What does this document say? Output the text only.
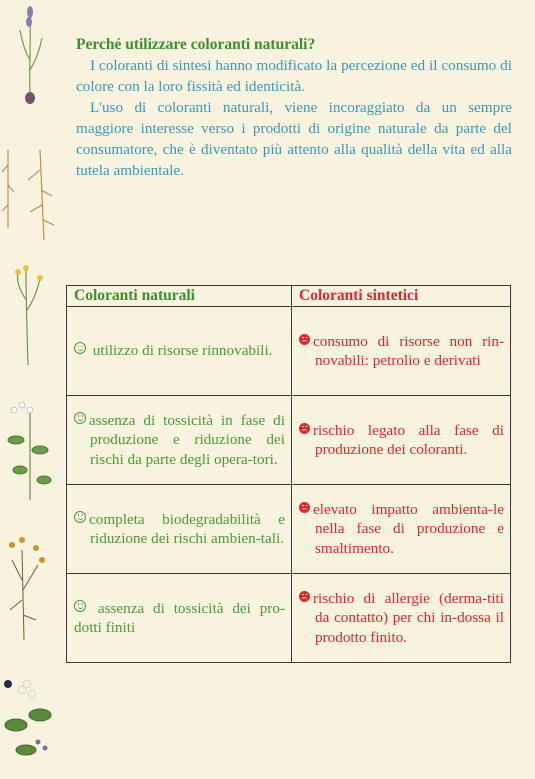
Perché utilizzare coloranti naturali?

I coloranti di sintesi hanno modificato la percezione ed il consumo di colore con la loro fissità ed identicità.

L'uso di coloranti naturali, viene incoraggiato da un sempre maggiore interesse verso i prodotti di origine naturale da parte del consumatore, che è diventato più attento alla qualità della vita ed alla tutela ambientale.

Coloranti naturali	Coloranti sintetici

utilizzo di risorse rinnovabili.	consumo di risorse non rin-novabili: petrolio e derivati

assenza di tossicità in fase di produzione e riduzione dei rischi da parte degli opera-tori.	rischio legato alla fase di produzione dei coloranti.

completa biodegradabilità e riduzione dei rischi ambien-tali.	elevato impatto ambienta-le nella fase di produzione e smaltimento.

assenza di tossicità dei pro-dotti finiti	rischio di allergie (derma-titi da contatto) per chi in-dossa il prodotto finito.
